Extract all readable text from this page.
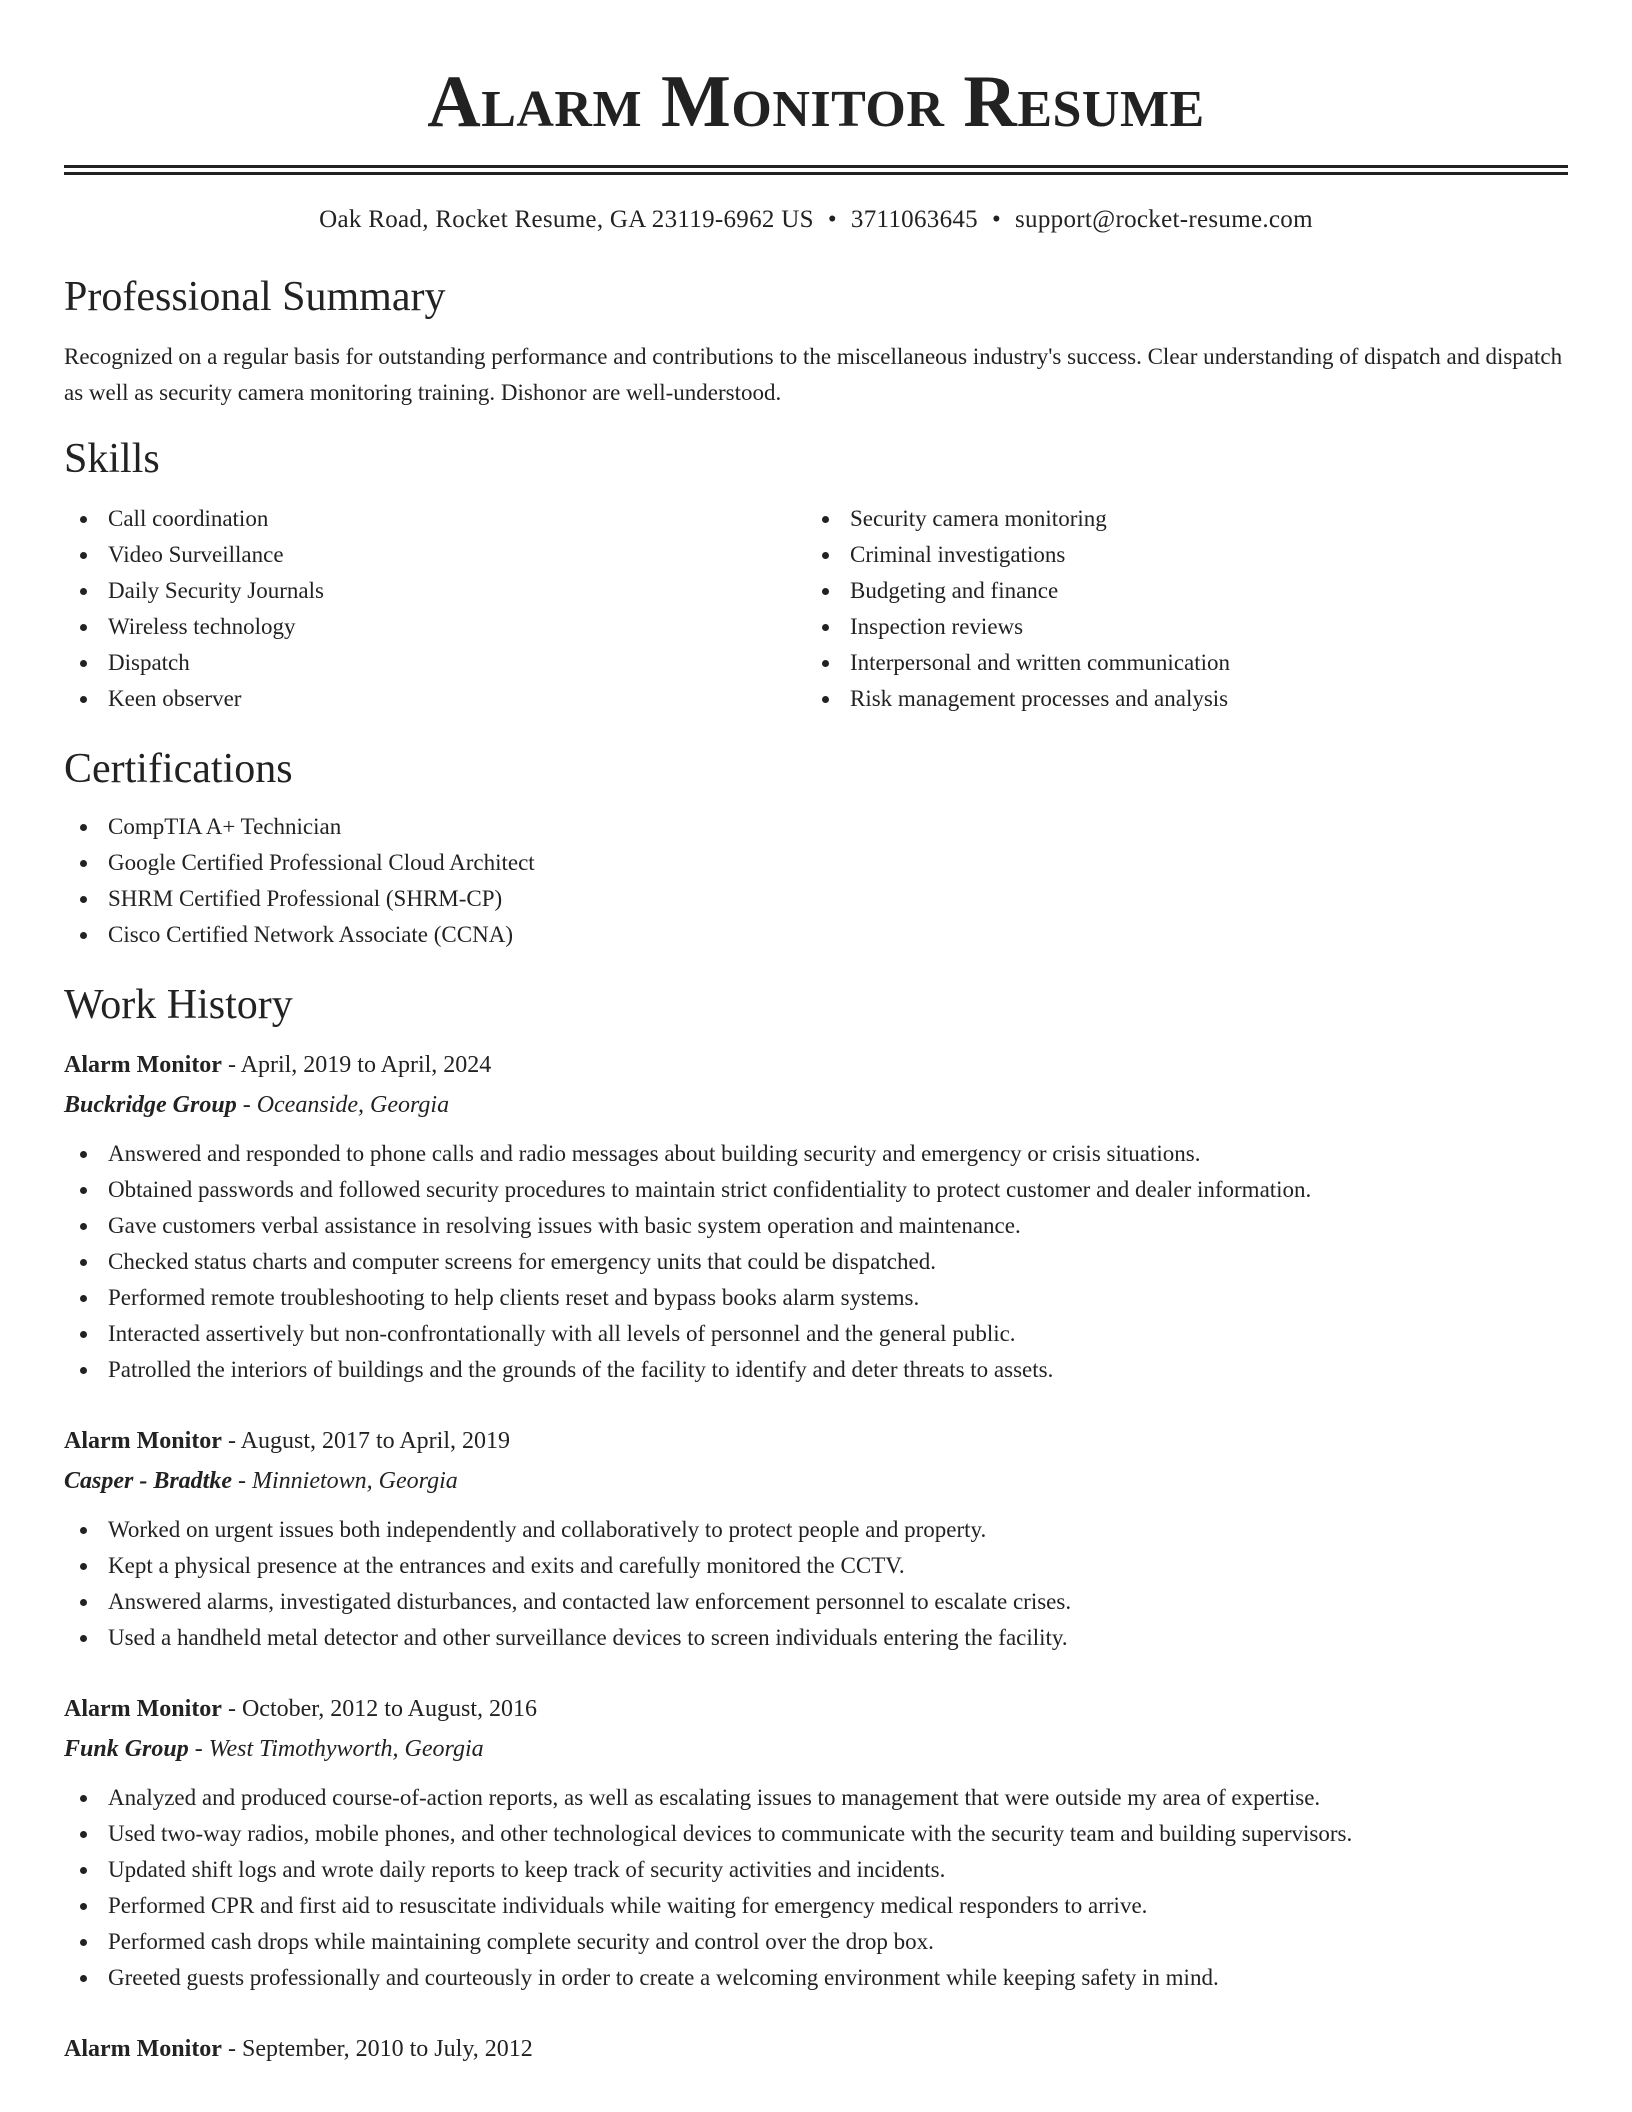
Alarm Monitor Resume
Oak Road, Rocket Resume, GA 23119-6962 US • 3711063645 • support@rocket-resume.com
Professional Summary

Recognized on a regular basis for outstanding performance and contributions to the miscellaneous industry's success. Clear understanding of dispatch and dispatch as well as security camera monitoring training. Dishonor are well-understood.

Skills
Call coordination
Video Surveillance
Daily Security Journals
Wireless technology
Dispatch
Keen observer
Security camera monitoring
Criminal investigations
Budgeting and finance
Inspection reviews
Interpersonal and written communication
Risk management processes and analysis
Certifications
CompTIA A+ Technician
Google Certified Professional Cloud Architect
SHRM Certified Professional (SHRM-CP)
Cisco Certified Network Associate (CCNA)
Work History
Alarm Monitor - April, 2019 to April, 2024
Buckridge Group - Oceanside, Georgia
Answered and responded to phone calls and radio messages about building security and emergency or crisis situations.
Obtained passwords and followed security procedures to maintain strict confidentiality to protect customer and dealer information.
Gave customers verbal assistance in resolving issues with basic system operation and maintenance.
Checked status charts and computer screens for emergency units that could be dispatched.
Performed remote troubleshooting to help clients reset and bypass books alarm systems.
Interacted assertively but non-confrontationally with all levels of personnel and the general public.
Patrolled the interiors of buildings and the grounds of the facility to identify and deter threats to assets.
Alarm Monitor - August, 2017 to April, 2019
Casper - Bradtke - Minnietown, Georgia
Worked on urgent issues both independently and collaboratively to protect people and property.
Kept a physical presence at the entrances and exits and carefully monitored the CCTV.
Answered alarms, investigated disturbances, and contacted law enforcement personnel to escalate crises.
Used a handheld metal detector and other surveillance devices to screen individuals entering the facility.
Alarm Monitor - October, 2012 to August, 2016
Funk Group - West Timothyworth, Georgia
Analyzed and produced course-of-action reports, as well as escalating issues to management that were outside my area of expertise.
Used two-way radios, mobile phones, and other technological devices to communicate with the security team and building supervisors.
Updated shift logs and wrote daily reports to keep track of security activities and incidents.
Performed CPR and first aid to resuscitate individuals while waiting for emergency medical responders to arrive.
Performed cash drops while maintaining complete security and control over the drop box.
Greeted guests professionally and courteously in order to create a welcoming environment while keeping safety in mind.
Alarm Monitor - September, 2010 to July, 2012
